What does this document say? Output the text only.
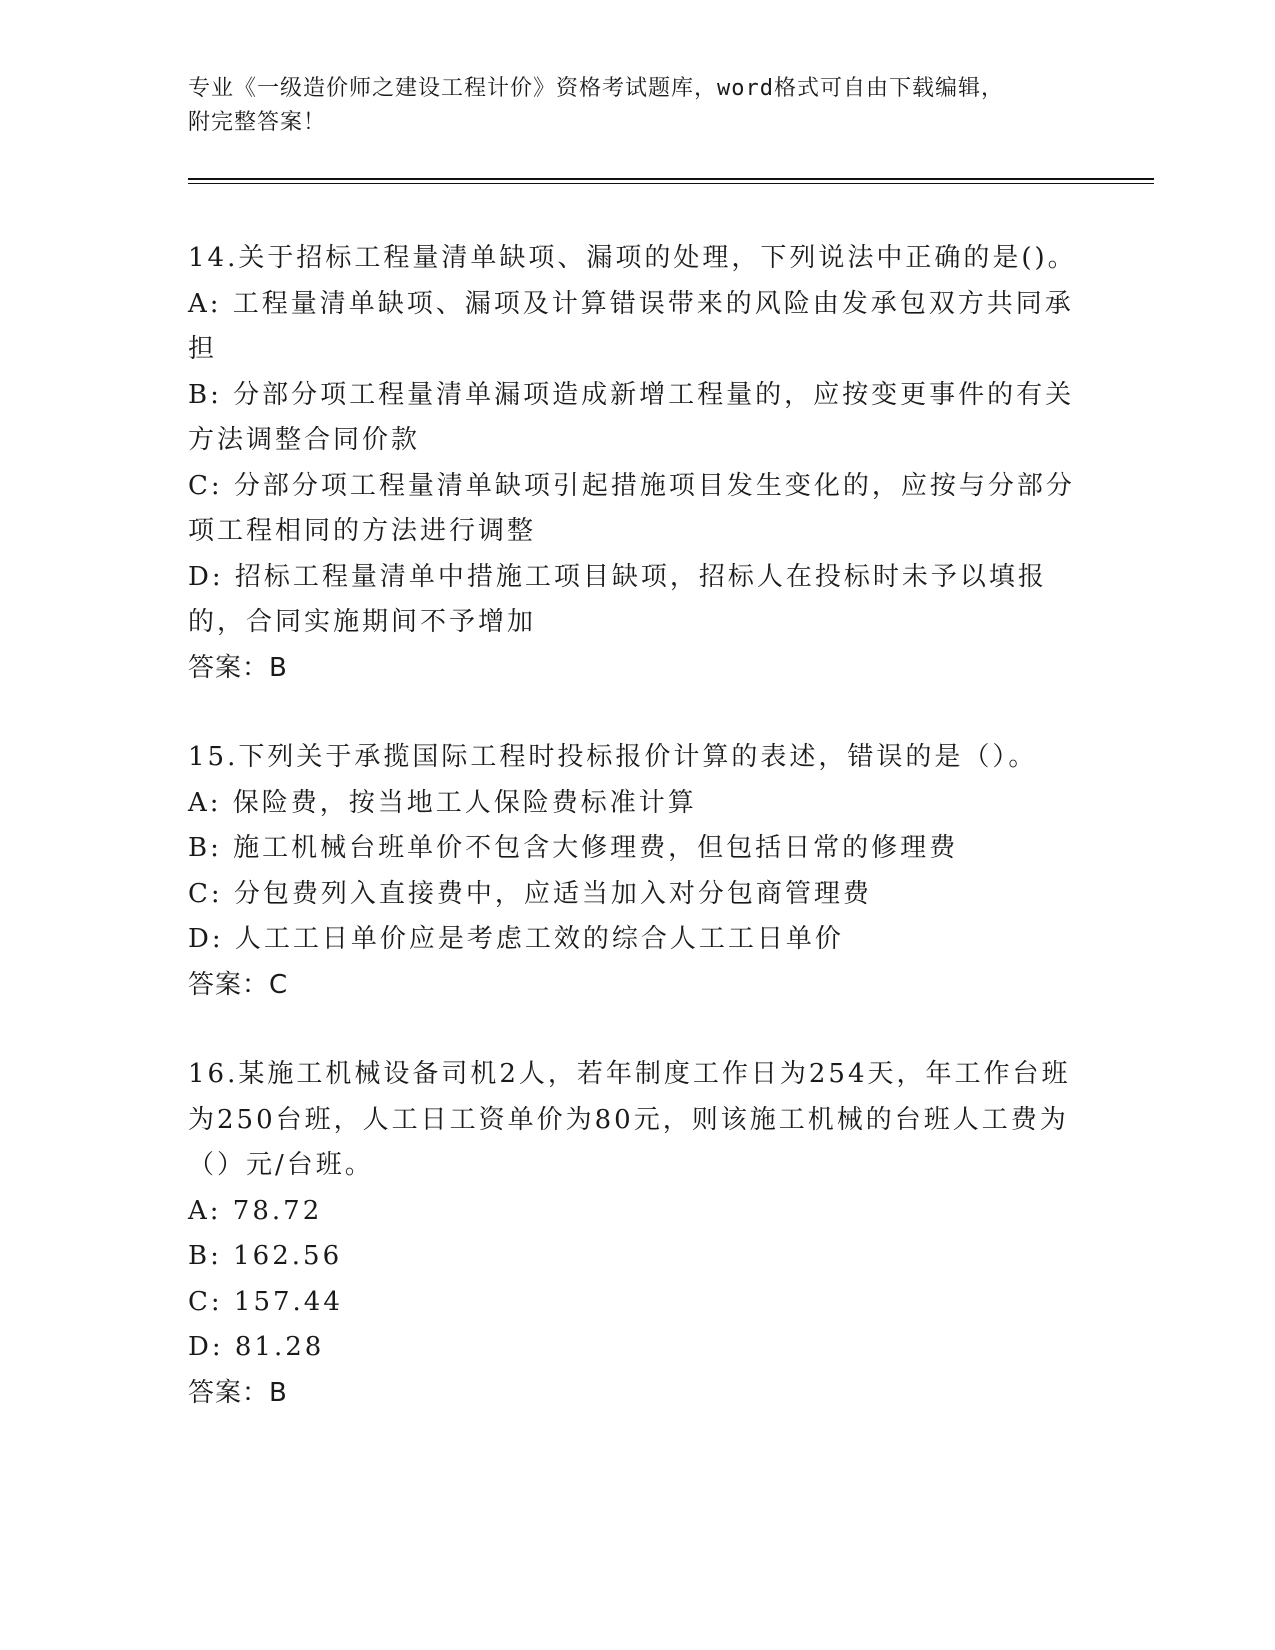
专业《一级造价师之建设工程计价》资格考试题库，word格式可自由下载编辑，
附完整答案！
14.关于招标工程量清单缺项、漏项的处理，下列说法中正确的是()。
A: 工程量清单缺项、漏项及计算错误带来的风险由发承包双方共同承担
B: 分部分项工程量清单漏项造成新增工程量的，应按变更事件的有关方法调整合同价款
C: 分部分项工程量清单缺项引起措施项目发生变化的，应按与分部分项工程相同的方法进行调整
D: 招标工程量清单中措施工项目缺项，招标人在投标时未予以填报的，合同实施期间不予增加
答案：B
15.下列关于承揽国际工程时投标报价计算的表述，错误的是（）。
A: 保险费，按当地工人保险费标准计算
B: 施工机械台班单价不包含大修理费，但包括日常的修理费
C: 分包费列入直接费中，应适当加入对分包商管理费
D: 人工工日单价应是考虑工效的综合人工工日单价
答案：C
16.某施工机械设备司机2人，若年制度工作日为254天，年工作台班为250台班，人工日工资单价为80元，则该施工机械的台班人工费为（）元/台班。
A: 78.72
B: 162.56
C: 157.44
D: 81.28
答案：B
